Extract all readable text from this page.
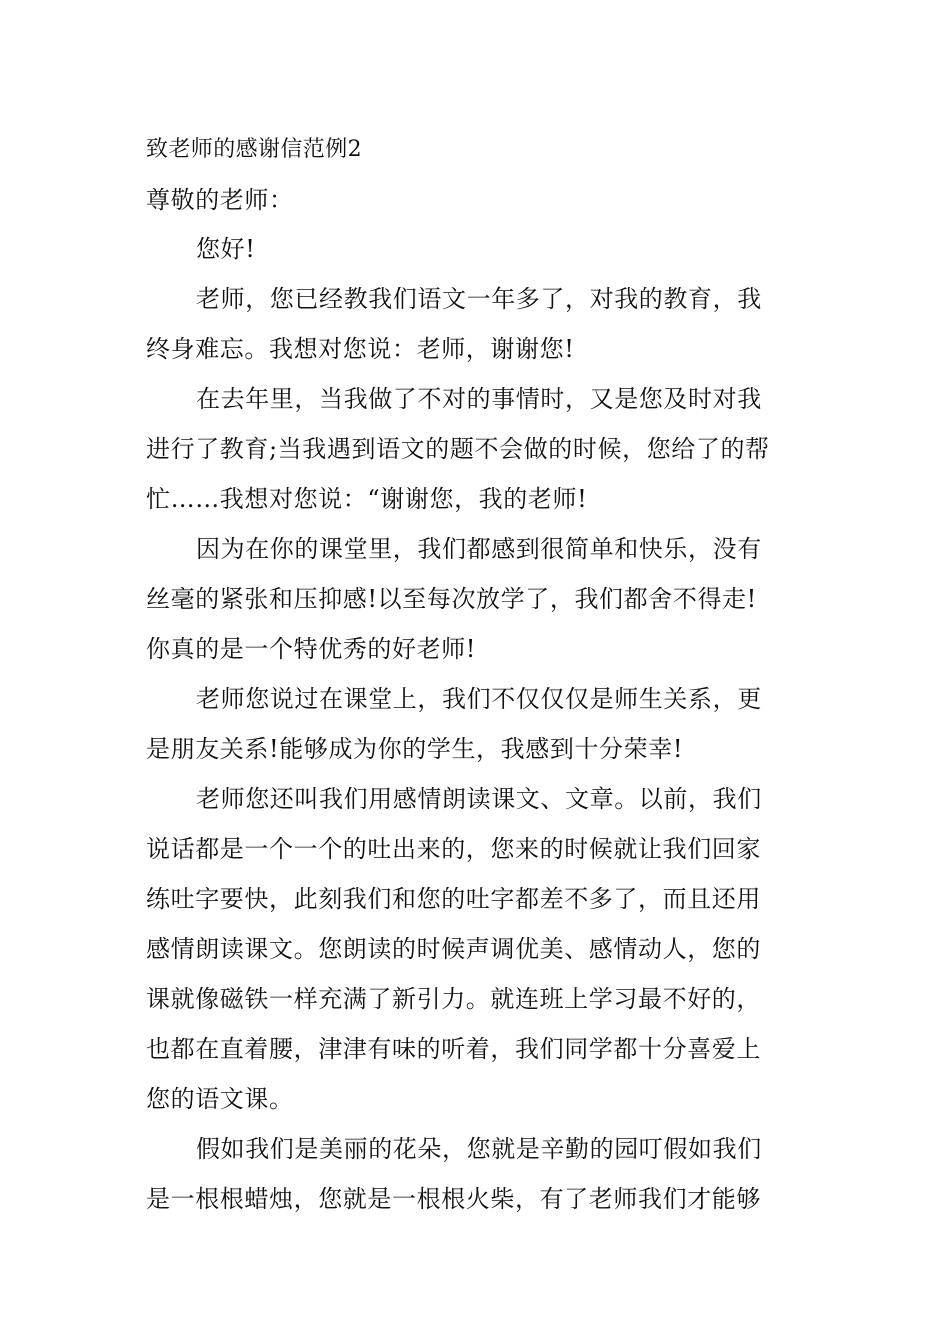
致老师的感谢信范例2
尊敬的老师：
您好!
老师，您已经教我们语文一年多了，对我的教育，我
终身难忘。我想对您说：老师，谢谢您!
在去年里，当我做了不对的事情时，又是您及时对我
进行了教育;当我遇到语文的题不会做的时候，您给了的帮
忙……我想对您说：“谢谢您，我的老师!
因为在你的课堂里，我们都感到很简单和快乐，没有
丝毫的紧张和压抑感!以至每次放学了，我们都舍不得走!
你真的是一个特优秀的好老师!
老师您说过在课堂上，我们不仅仅仅是师生关系，更
是朋友关系!能够成为你的学生，我感到十分荣幸!
老师您还叫我们用感情朗读课文、文章。以前，我们
说话都是一个一个的吐出来的，您来的时候就让我们回家
练吐字要快，此刻我们和您的吐字都差不多了，而且还用
感情朗读课文。您朗读的时候声调优美、感情动人，您的
课就像磁铁一样充满了新引力。就连班上学习最不好的，
也都在直着腰，津津有味的听着，我们同学都十分喜爱上
您的语文课。
假如我们是美丽的花朵，您就是辛勤的园叮假如我们
是一根根蜡烛，您就是一根根火柴，有了老师我们才能够
